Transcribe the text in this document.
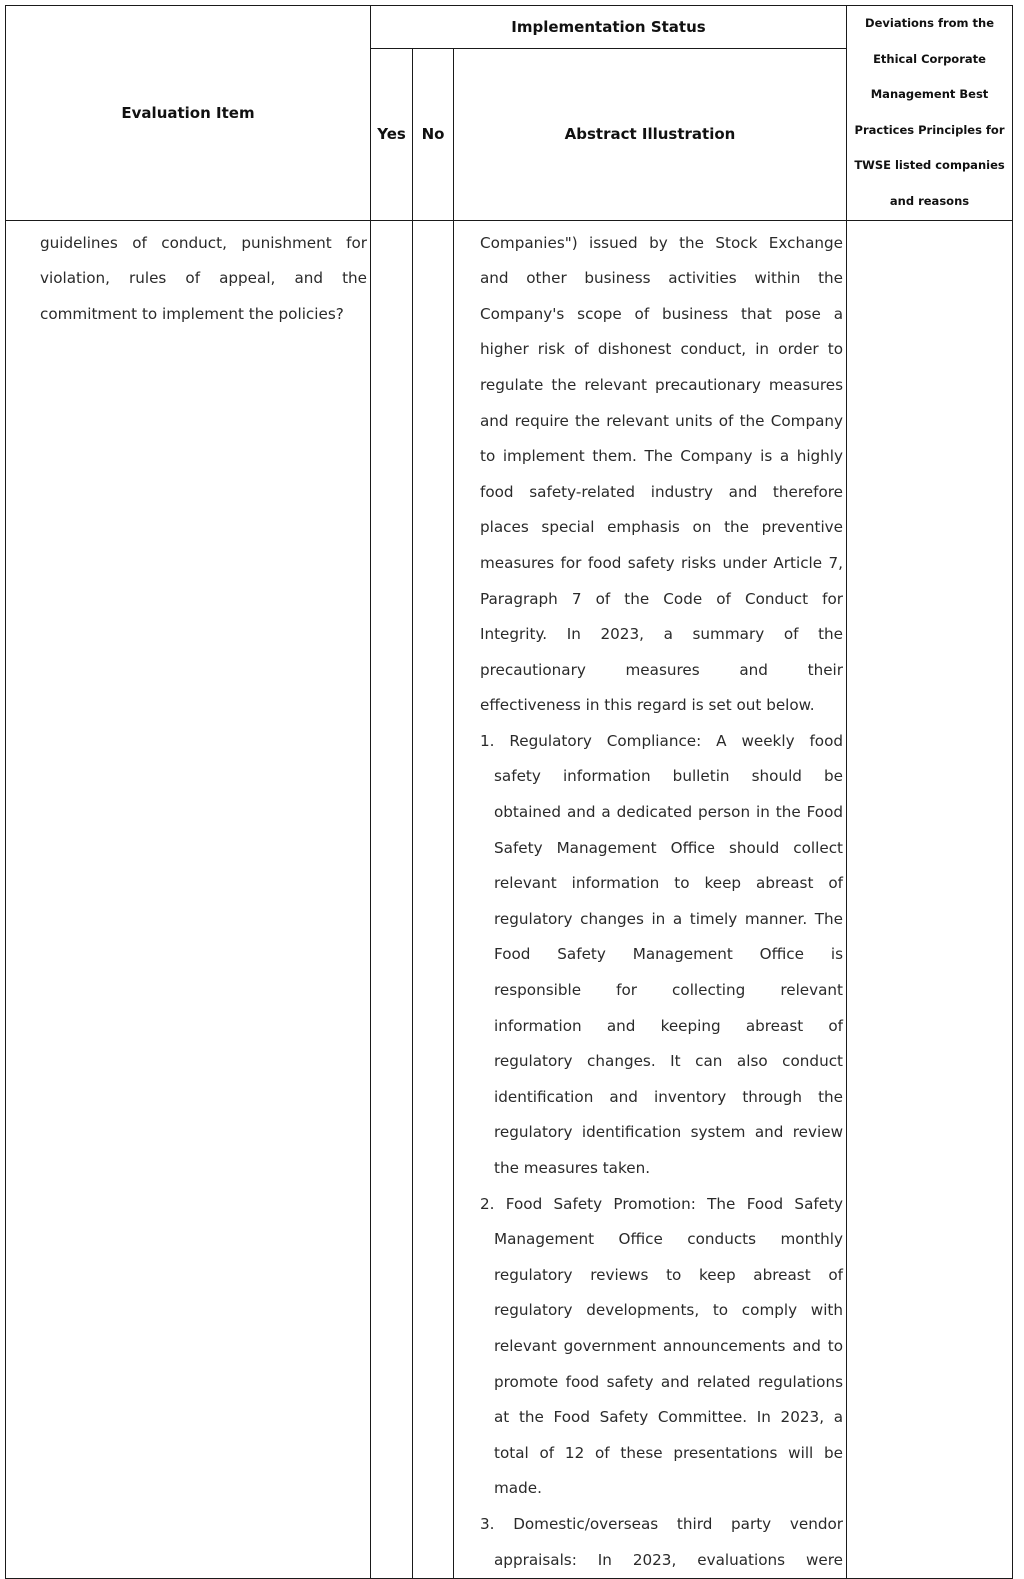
Evaluation Item	Implementation Status			Deviations from the Ethical Corporate Management Best Practices Principles for TWSE listed companies and reasons
	Yes	No	Abstract Illustration	
guidelines of conduct, punishment for violation, rules of appeal, and the commitment to implement the policies?			Companies") issued by the Stock Exchange and other business activities within the Company's scope of business that pose a higher risk of dishonest conduct, in order to regulate the relevant precautionary measures and require the relevant units of the Company to implement them. The Company is a highly food safety-related industry and therefore places special emphasis on the preventive measures for food safety risks under Article 7, Paragraph 7 of the Code of Conduct for Integrity. In 2023, a summary of the precautionary measures and their effectiveness in this regard is set out below.

1. Regulatory Compliance: A weekly food safety information bulletin should be obtained and a dedicated person in the Food Safety Management Office should collect relevant information to keep abreast of regulatory changes in a timely manner. The Food Safety Management Office is responsible for collecting relevant information and keeping abreast of regulatory changes. It can also conduct identification and inventory through the regulatory identification system and review the measures taken.

2. Food Safety Promotion: The Food Safety Management Office conducts monthly regulatory reviews to keep abreast of regulatory developments, to comply with relevant government announcements and to promote food safety and related regulations at the Food Safety Committee. In 2023, a total of 12 of these presentations will be made.

3. Domestic/overseas third party vendor appraisals: In 2023, evaluations were	
